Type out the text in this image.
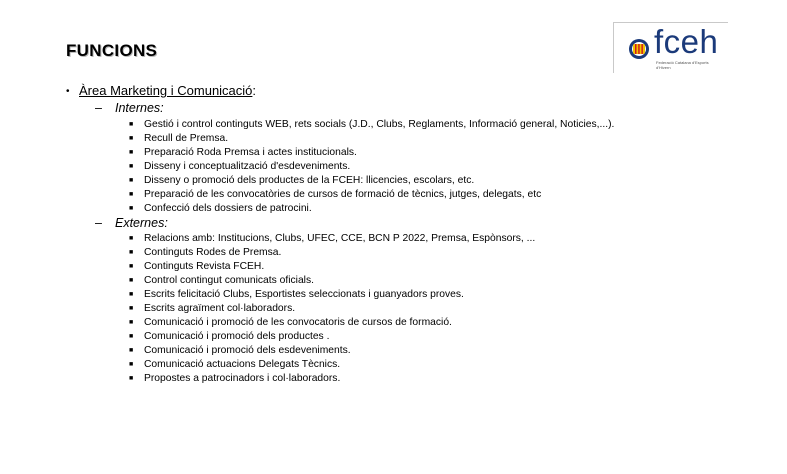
FUNCIONS	fceh
Federació Catalana d'Esports d'Hivern
• Àrea Marketing i Comunicació:
– Internes:
■ Gestió i control continguts WEB, rets socials (J.D., Clubs, Reglaments, Informació general, Noticies,...).
■ Recull de Premsa.
■ Preparació Roda Premsa i actes institucionals.
■ Disseny i conceptualització d'esdeveniments.
■ Disseny o promoció dels productes de la FCEH: llicencies, escolars, etc.
■ Preparació de les convocatòries de cursos de formació de tècnics, jutges, delegats, etc
■ Confecció dels dossiers de patrocini.
– Externes:
■ Relacions amb: Institucions, Clubs, UFEC, CCE, BCN P 2022, Premsa, Espònsors, ...
■ Continguts Rodes de Premsa.
■ Continguts Revista FCEH.
■ Control contingut comunicats oficials.
■ Escrits felicitació Clubs, Esportistes seleccionats i guanyadors proves.
■ Escrits agraïment col·laboradors.
■ Comunicació i promoció de les convocatoris de cursos de formació.
■ Comunicació i promoció dels productes .
■ Comunicació i promoció dels esdeveniments.
■ Comunicació actuacions Delegats Tècnics.
■ Propostes a patrocinadors i col·laboradors.
